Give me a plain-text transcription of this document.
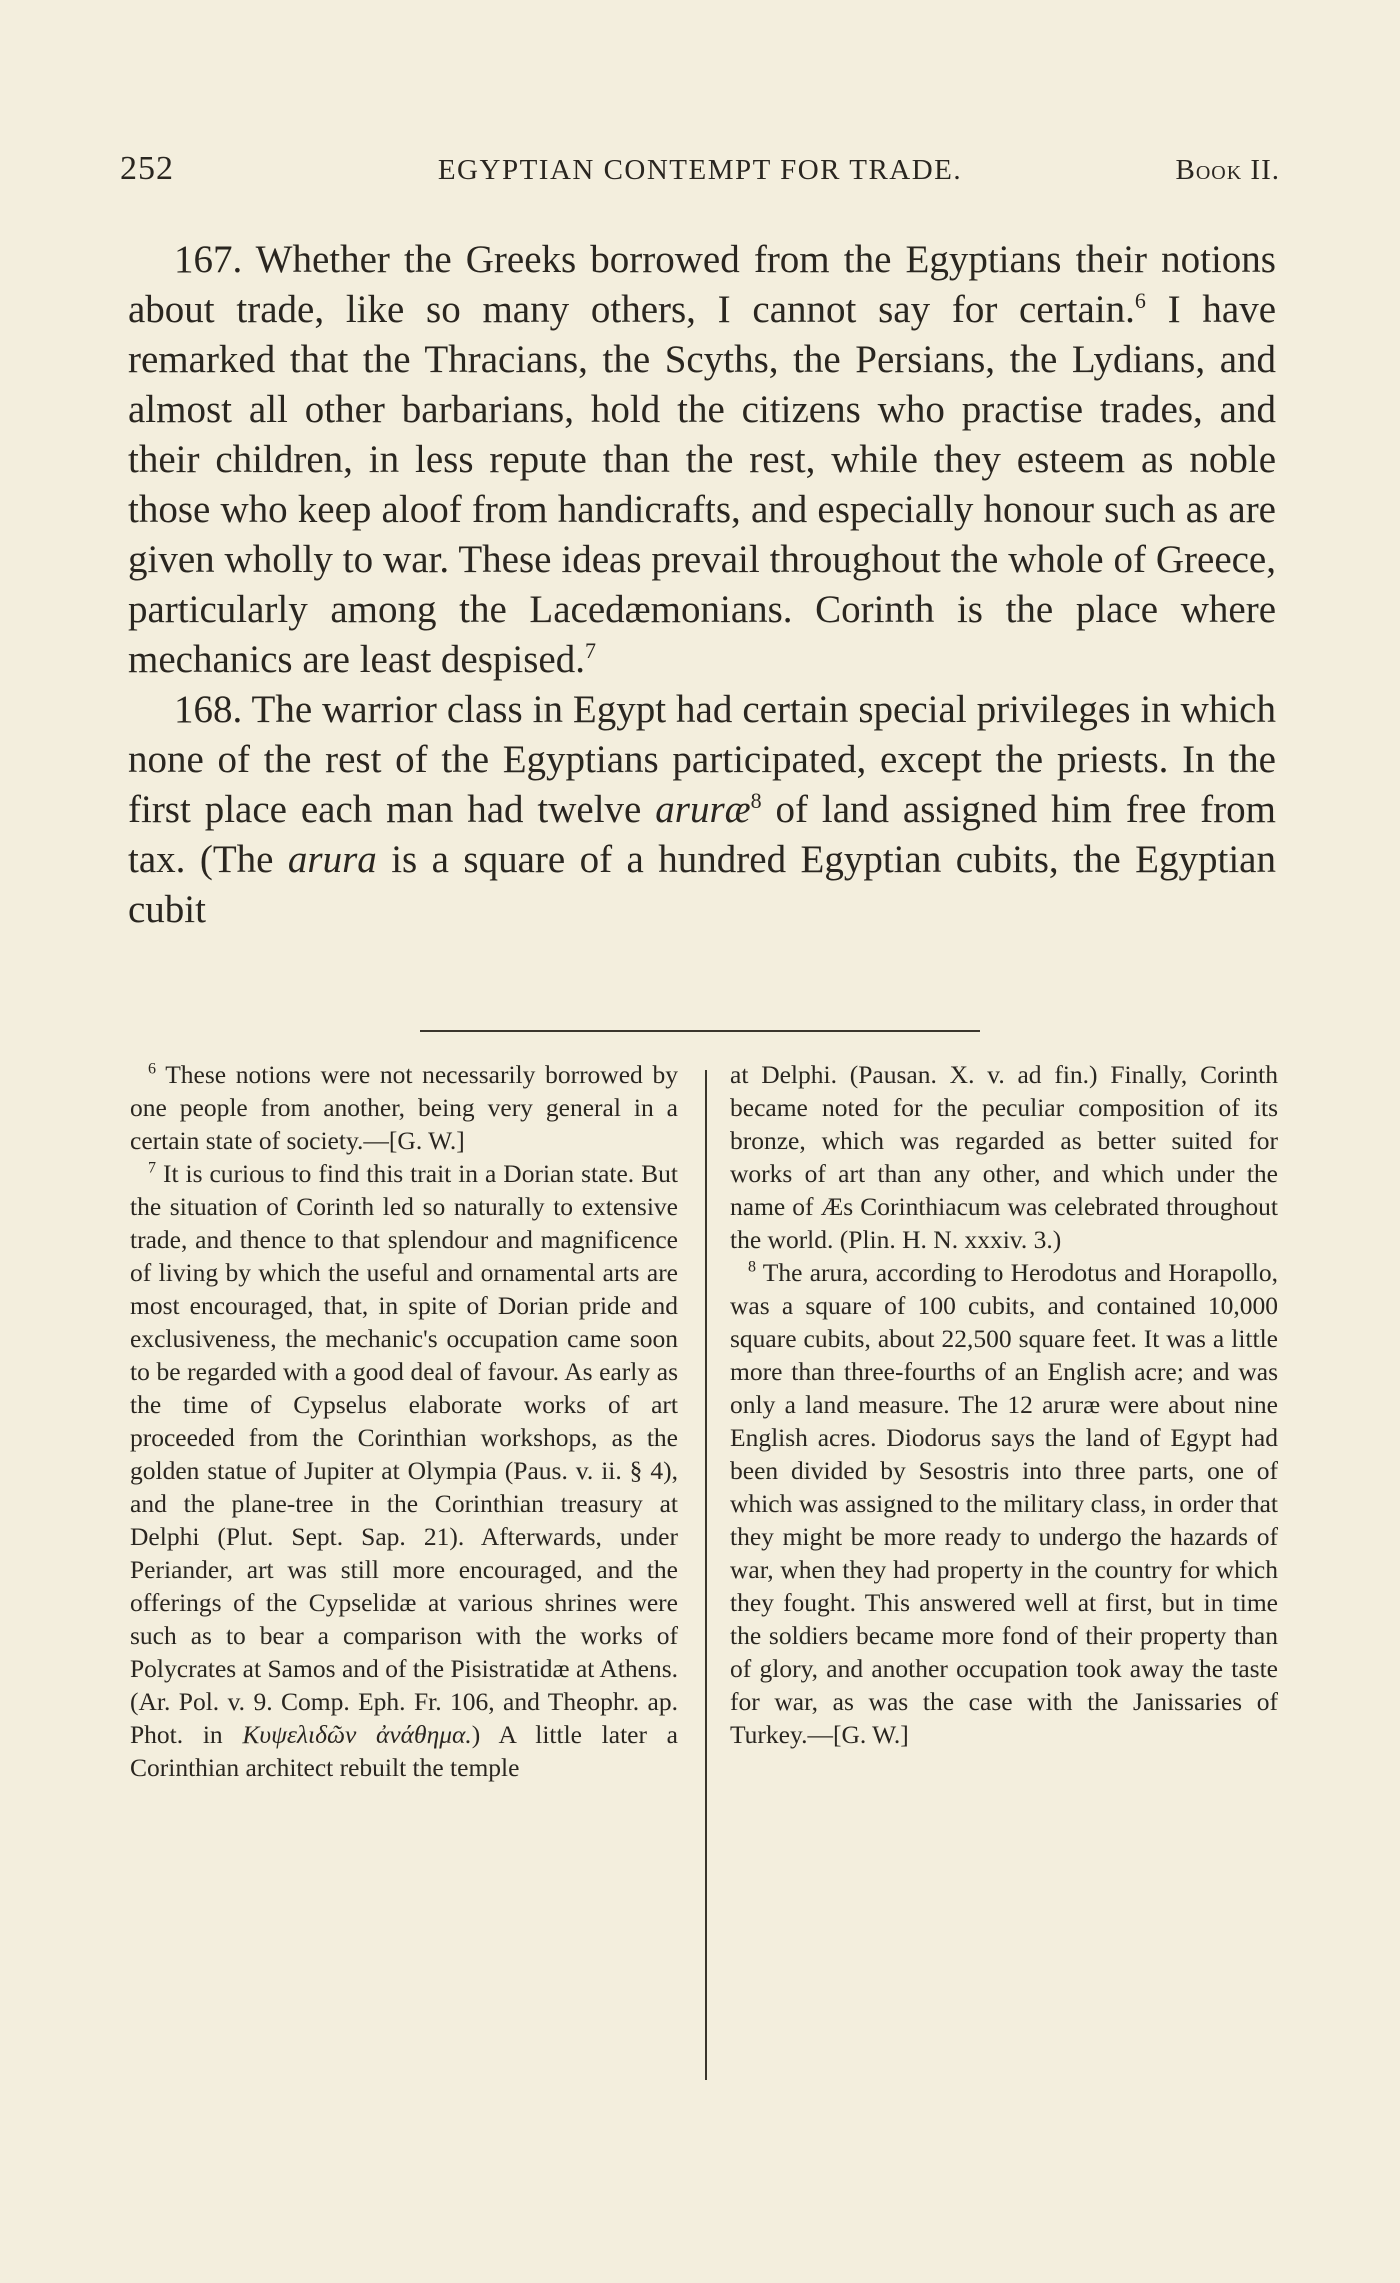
252	EGYPTIAN CONTEMPT FOR TRADE.	Book II.

167. Whether the Greeks borrowed from the Egyptians their notions about trade, like so many others, I cannot say for certain.$^6$ I have remarked that the Thracians, the Scyths, the Persians, the Lydians, and almost all other barbarians, hold the citizens who practise trades, and their children, in less repute than the rest, while they esteem as noble those who keep aloof from handicrafts, and especially honour such as are given wholly to war. These ideas prevail throughout the whole of Greece, particularly among the Lacedæmonians. Corinth is the place where mechanics are least despised.$^7$

168. The warrior class in Egypt had certain special privileges in which none of the rest of the Egyptians participated, except the priests. In the first place each man had twelve aruræ$^8$ of land assigned him free from tax. (The arura is a square of a hundred Egyptian cubits, the Egyptian cubit

$^6$ These notions were not necessarily borrowed by one people from another, being very general in a certain state of society.—[G. W.]

$^7$ It is curious to find this trait in a Dorian state. But the situation of Corinth led so naturally to extensive trade, and thence to that splendour and magnificence of living by which the useful and ornamental arts are most encouraged, that, in spite of Dorian pride and exclusiveness, the mechanic's occupation came soon to be regarded with a good deal of favour. As early as the time of Cypselus elaborate works of art proceeded from the Corinthian workshops, as the golden statue of Jupiter at Olympia (Paus. v. ii. § 4), and the plane-tree in the Corinthian treasury at Delphi (Plut. Sept. Sap. 21). Afterwards, under Periander, art was still more encouraged, and the offerings of the Cypselidæ at various shrines were such as to bear a comparison with the works of Polycrates at Samos and of the Pisistratidæ at Athens. (Ar. Pol. v. 9. Comp. Eph. Fr. 106, and Theophr. ap. Phot. in Κυψελιδῶν ἀνάθημα.) A little later a Corinthian architect rebuilt the temple

at Delphi. (Pausan. X. v. ad fin.) Finally, Corinth became noted for the peculiar composition of its bronze, which was regarded as better suited for works of art than any other, and which under the name of Æs Corinthiacum was celebrated throughout the world. (Plin. H. N. xxxiv. 3.)

$^8$ The arura, according to Herodotus and Horapollo, was a square of 100 cubits, and contained 10,000 square cubits, about 22,500 square feet. It was a little more than three-fourths of an English acre; and was only a land measure. The 12 aruræ were about nine English acres. Diodorus says the land of Egypt had been divided by Sesostris into three parts, one of which was assigned to the military class, in order that they might be more ready to undergo the hazards of war, when they had property in the country for which they fought. This answered well at first, but in time the soldiers became more fond of their property than of glory, and another occupation took away the taste for war, as was the case with the Janissaries of Turkey.—[G. W.]
